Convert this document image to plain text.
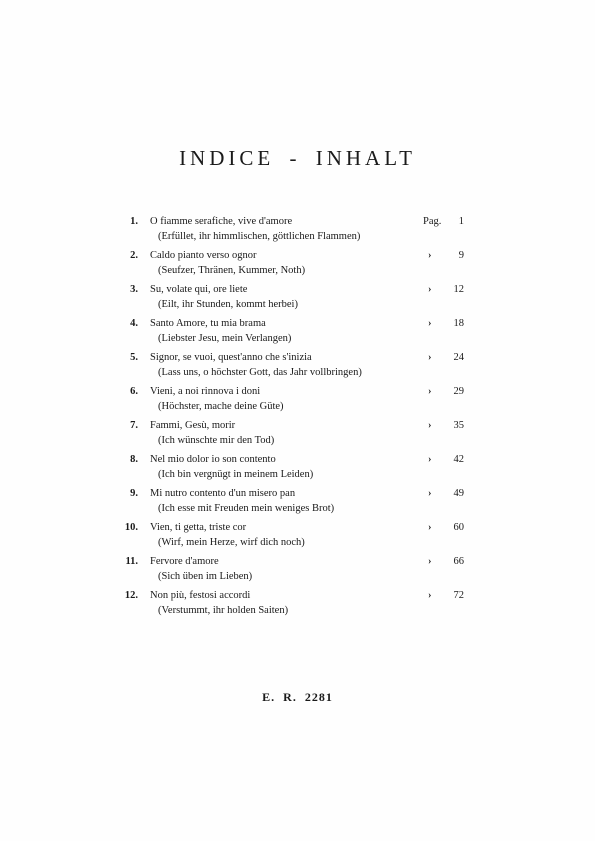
INDICE - INHALT
1. O fiamme serafiche, vive d'amore
(Erfüllet, ihr himmlischen, göttlichen Flammen)
Pag.	1
2. Caldo pianto verso ognor
(Seufzer, Thränen, Kummer, Noth)
›	9
3. Su, volate qui, ore liete
(Eilt, ihr Stunden, kommt herbei)
›	12
4. Santo Amore, tu mia brama
(Liebster Jesu, mein Verlangen)
›	18
5. Signor, se vuoi, quest'anno che s'inizia
(Lass uns, o höchster Gott, das Jahr vollbringen)
›	24
6. Vieni, a noi rinnova i doni
(Höchster, mache deine Güte)
›	29
7. Fammi, Gesù, morir
(Ich wünschte mir den Tod)
›	35
8. Nel mio dolor io son contento
(Ich bin vergnügt in meinem Leiden)
›	42
9. Mi nutro contento d'un misero pan
(Ich esse mit Freuden mein weniges Brot)
›	49
10. Vien, ti getta, triste cor
(Wirf, mein Herze, wirf dich noch)
›	60
11. Fervore d'amore
(Sich üben im Lieben)
›	66
12. Non più, festosi accordi
(Verstummt, ihr holden Saiten)
›	72
E. R. 2281
